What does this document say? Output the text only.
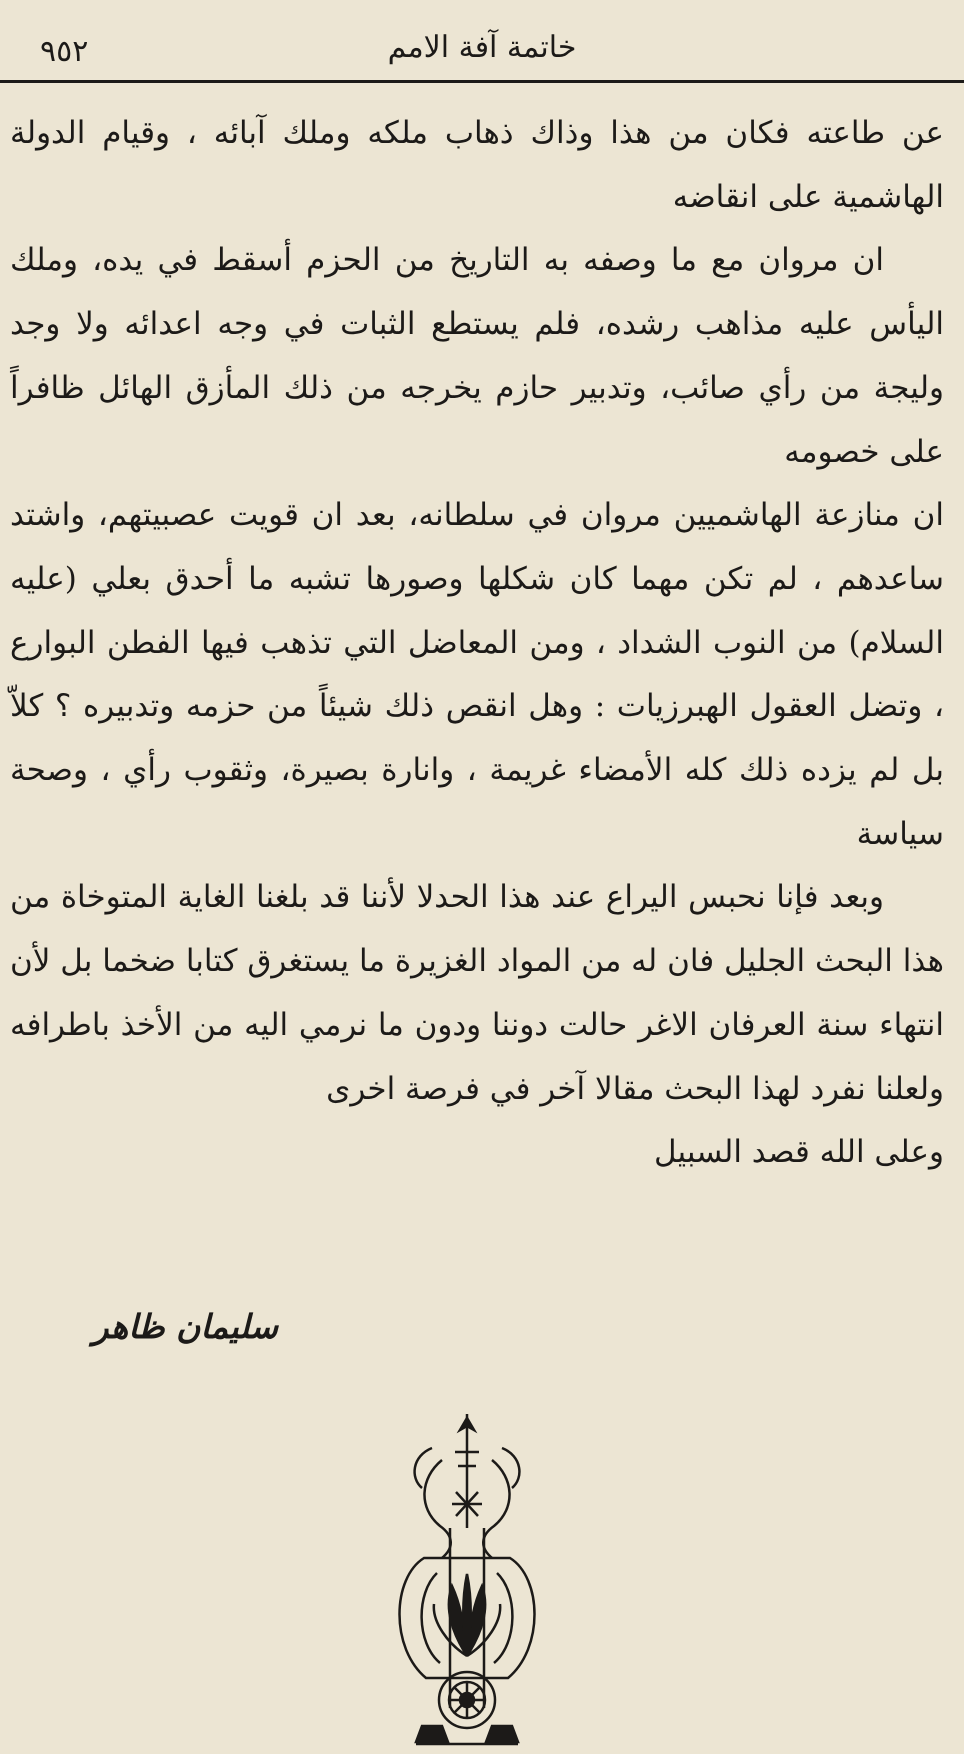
٩٥٢	خاتمة آفة الامم

عن طاعته فكان من هذا وذاك ذهاب ملكه وملك آبائه ، وقيام الدولة الهاشمية على انقاضه

ان مروان مع ما وصفه به التاريخ من الحزم أسقط في يده، وملك اليأس عليه مذاهب رشده، فلم يستطع الثبات في وجه اعدائه ولا وجد وليجة من رأي صائب، وتدبير حازم يخرجه من ذلك المأزق الهائل ظافراً على خصومه

ان منازعة الهاشميين مروان في سلطانه، بعد ان قويت عصبيتهم، واشتد ساعدهم ، لم تكن مهما كان شكلها وصورها تشبه ما أحدق بعلي (عليه السلام) من النوب الشداد ، ومن المعاضل التي تذهب فيها الفطن البوارع ، وتضل العقول الهبرزيات : وهل انقص ذلك شيئاً من حزمه وتدبيره ؟ كلاّ بل لم يزده ذلك كله الأمضاء غريمة ، وانارة بصيرة، وثقوب رأي ، وصحة سياسة

وبعد فإنا نحبس اليراع عند هذا الحدلا لأننا قد بلغنا الغاية المتوخاة من هذا البحث الجليل فان له من المواد الغزيرة ما يستغرق كتابا ضخما بل لأن انتهاء سنة العرفان الاغر حالت دوننا ودون ما نرمي اليه من الأخذ باطرافه ولعلنا نفرد لهذا البحث مقالا آخر في فرصة اخرى

وعلى الله قصد السبيل

سليمان ظاهر
